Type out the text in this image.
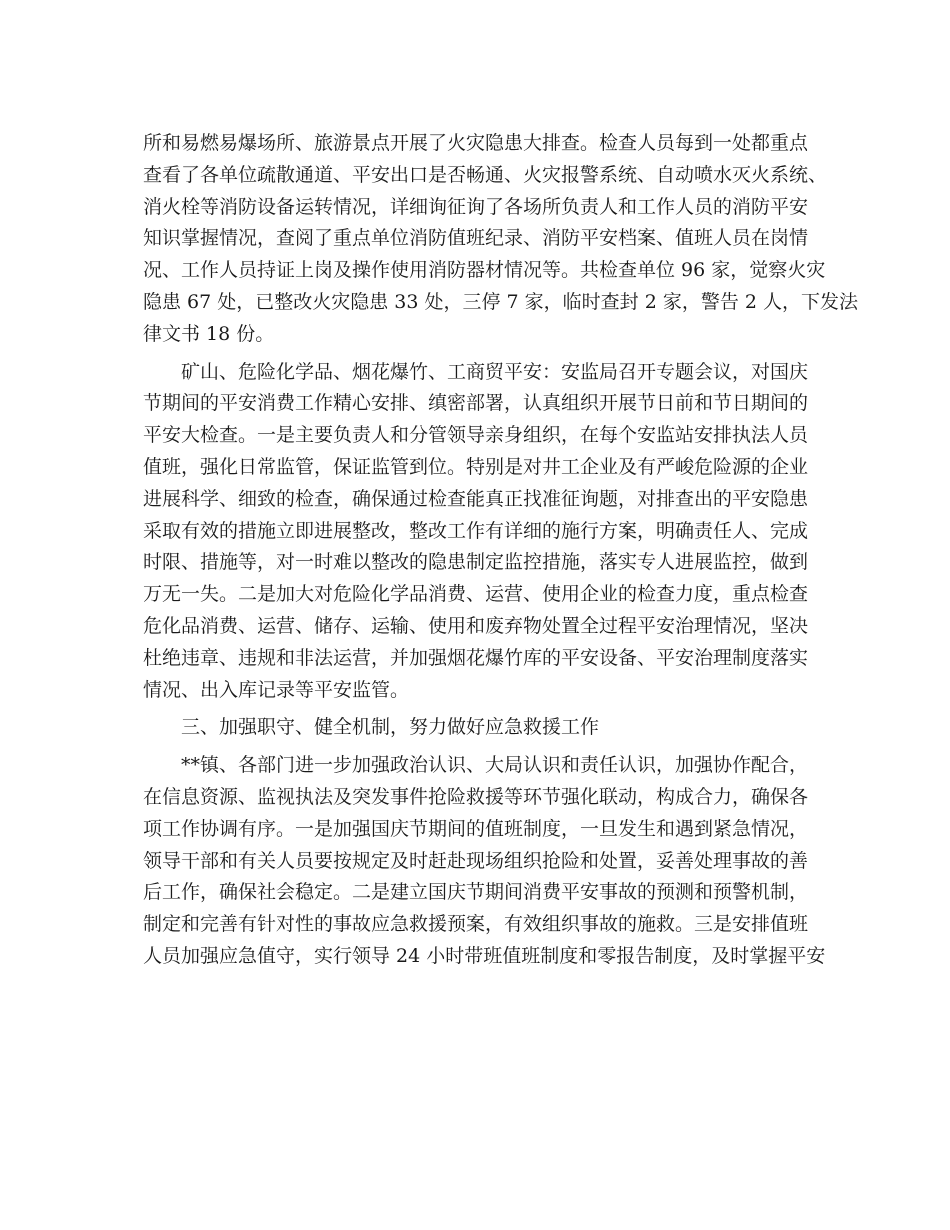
所和易燃易爆场所、旅游景点开展了火灾隐患大排查。检查人员每到一处都重点
查看了各单位疏散通道、平安出口是否畅通、火灾报警系统、自动喷水灭火系统、
消火栓等消防设备运转情况，详细询征询了各场所负责人和工作人员的消防平安
知识掌握情况，查阅了重点单位消防值班纪录、消防平安档案、值班人员在岗情
况、工作人员持证上岗及操作使用消防器材情况等。共检查单位 96 家，觉察火灾
隐患 67 处，已整改火灾隐患 33 处，三停 7 家，临时查封 2 家，警告 2 人，下发法
律文书 18 份。
矿山、危险化学品、烟花爆竹、工商贸平安：安监局召开专题会议，对国庆
节期间的平安消费工作精心安排、缜密部署，认真组织开展节日前和节日期间的
平安大检查。一是主要负责人和分管领导亲身组织，在每个安监站安排执法人员
值班，强化日常监管，保证监管到位。特别是对井工企业及有严峻危险源的企业
进展科学、细致的检查，确保通过检查能真正找准征询题，对排查出的平安隐患
采取有效的措施立即进展整改，整改工作有详细的施行方案，明确责任人、完成
时限、措施等，对一时难以整改的隐患制定监控措施，落实专人进展监控，做到
万无一失。二是加大对危险化学品消费、运营、使用企业的检查力度，重点检查
危化品消费、运营、储存、运输、使用和废弃物处置全过程平安治理情况，坚决
杜绝违章、违规和非法运营，并加强烟花爆竹库的平安设备、平安治理制度落实
情况、出入库记录等平安监管。
三、加强职守、健全机制，努力做好应急救援工作
**镇、各部门进一步加强政治认识、大局认识和责任认识，加强协作配合，
在信息资源、监视执法及突发事件抢险救援等环节强化联动，构成合力，确保各
项工作协调有序。一是加强国庆节期间的值班制度，一旦发生和遇到紧急情况，
领导干部和有关人员要按规定及时赶赴现场组织抢险和处置，妥善处理事故的善
后工作，确保社会稳定。二是建立国庆节期间消费平安事故的预测和预警机制，
制定和完善有针对性的事故应急救援预案，有效组织事故的施救。三是安排值班
人员加强应急值守，实行领导 24 小时带班值班制度和零报告制度，及时掌握平安
